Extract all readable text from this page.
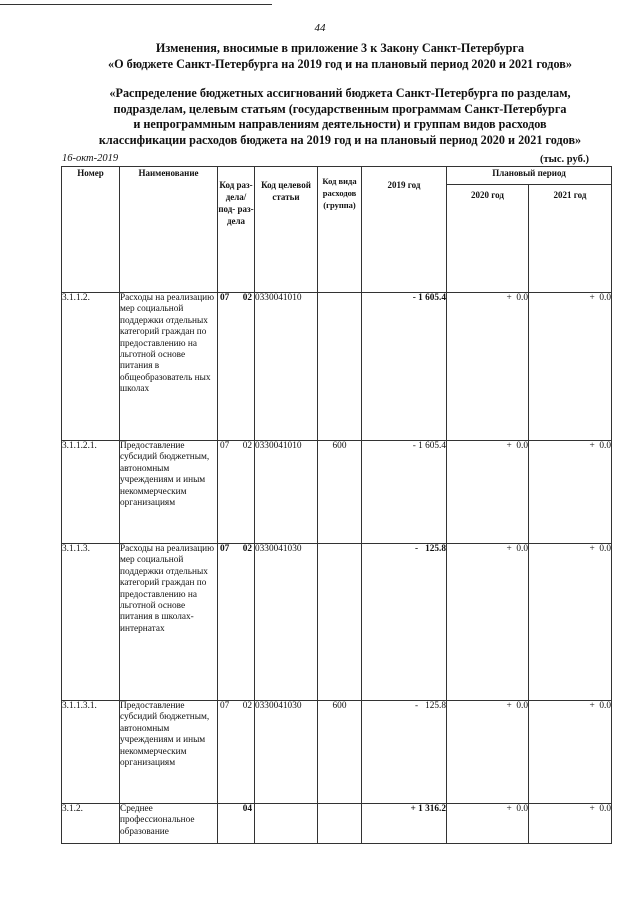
44
Изменения, вносимые в приложение 3 к Закону Санкт-Петербурга
«О бюджете Санкт-Петербурга на 2019 год и на плановый период 2020 и 2021 годов»
«Распределение бюджетных ассигнований бюджета Санкт-Петербурга по разделам,
подразделам, целевым статьям (государственным программам Санкт-Петербурга
и непрограммным направлениям деятельности) и группам видов расходов
классификации расходов бюджета на 2019 год и на плановый период 2020 и 2021 годов»
16-окт-2019	(тыс. руб.)
Номер	Наименование	Код раз- дела/ под- раз- дела	Код целевой статьи	Код вида расходов (группа)	2019 год	Плановый период	
						2020 год	2021 год
3.1.1.2.	Расходы на реализацию мер социальной поддержки отдельных категорий граждан по предоставлению на льготной основе питания в общеобразователь ных школах	07 02	0330041010		- 1 605.4	+  0.0	+  0.0
3.1.1.2.1.	Предоставление субсидий бюджетным, автономным учреждениям и иным некоммерческим организациям	07 02	0330041010	600	- 1 605.4	+  0.0	+  0.0
3.1.1.3.	Расходы на реализацию мер социальной поддержки отдельных категорий граждан по предоставлению на льготной основе питания в школах- интернатах	07 02	0330041030		-   125.8	+  0.0	+  0.0
3.1.1.3.1.	Предоставление субсидий бюджетным, автономным учреждениям и иным некоммерческим организациям	07 02	0330041030	600	-   125.8	+  0.0	+  0.0
3.1.2.	Среднее профессиональное образование	04			+ 1 316.2	+  0.0	+  0.0
